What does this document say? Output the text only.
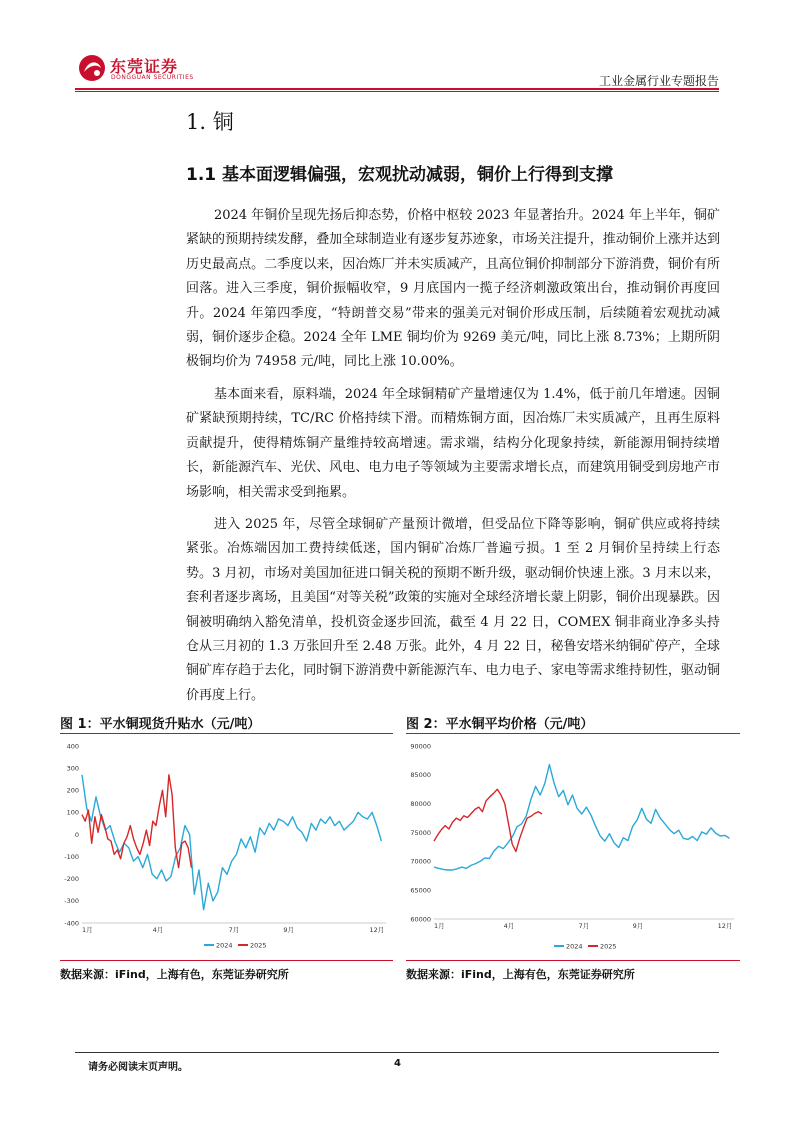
东莞证券
DONGGUAN SECURITIES	工业金属行业专题报告
1. 铜
1.1 基本面逻辑偏强，宏观扰动减弱，铜价上行得到支撑

2024 年铜价呈现先扬后抑态势，价格中枢较 2023 年显著抬升。2024 年上半年，铜矿紧缺的预期持续发酵，叠加全球制造业有逐步复苏迹象，市场关注提升，推动铜价上涨并达到历史最高点。二季度以来，因冶炼厂并未实质减产，且高位铜价抑制部分下游消费，铜价有所回落。进入三季度，铜价振幅收窄，9 月底国内一揽子经济刺激政策出台，推动铜价再度回升。2024 年第四季度，“特朗普交易”带来的强美元对铜价形成压制，后续随着宏观扰动减弱，铜价逐步企稳。2024 全年 LME 铜均价为 9269 美元/吨，同比上涨 8.73%；上期所阴极铜均价为 74958 元/吨，同比上涨 10.00%。

基本面来看，原料端，2024 年全球铜精矿产量增速仅为 1.4%，低于前几年增速。因铜矿紧缺预期持续，TC/RC 价格持续下滑。而精炼铜方面，因冶炼厂未实质减产，且再生原料贡献提升，使得精炼铜产量维持较高增速。需求端，结构分化现象持续，新能源用铜持续增长，新能源汽车、光伏、风电、电力电子等领域为主要需求增长点，而建筑用铜受到房地产市场影响，相关需求受到拖累。

进入 2025 年，尽管全球铜矿产量预计微增，但受品位下降等影响，铜矿供应或将持续紧张。冶炼端因加工费持续低迷，国内铜矿冶炼厂普遍亏损。1 至 2 月铜价呈持续上行态势。3 月初，市场对美国加征进口铜关税的预期不断升级，驱动铜价快速上涨。3 月末以来，套利者逐步离场，且美国“对等关税”政策的实施对全球经济增长蒙上阴影，铜价出现暴跌。因铜被明确纳入豁免清单，投机资金逐步回流，截至 4 月 22 日，COMEX 铜非商业净多头持仓从三月初的 1.3 万张回升至 2.48 万张。此外，4 月 22 日，秘鲁安塔米纳铜矿停产，全球铜矿库存趋于去化，同时铜下游消费中新能源汽车、电力电子、家电等需求维持韧性，驱动铜价再度上行。

图 1：平水铜现货升贴水（元/吨）	图 2：平水铜平均价格（元/吨）
400
300
200
100
0
-100
-200
-300
-400
1月	4月	7月	9月	12月
2024	2025
90000
85000
80000
75000
70000
65000
60000
1月	4月	7月	9月	12月
2024	2025
数据来源：iFind，上海有色，东莞证券研究所	数据来源：iFind，上海有色，东莞证券研究所
请务必阅读末页声明。	4
